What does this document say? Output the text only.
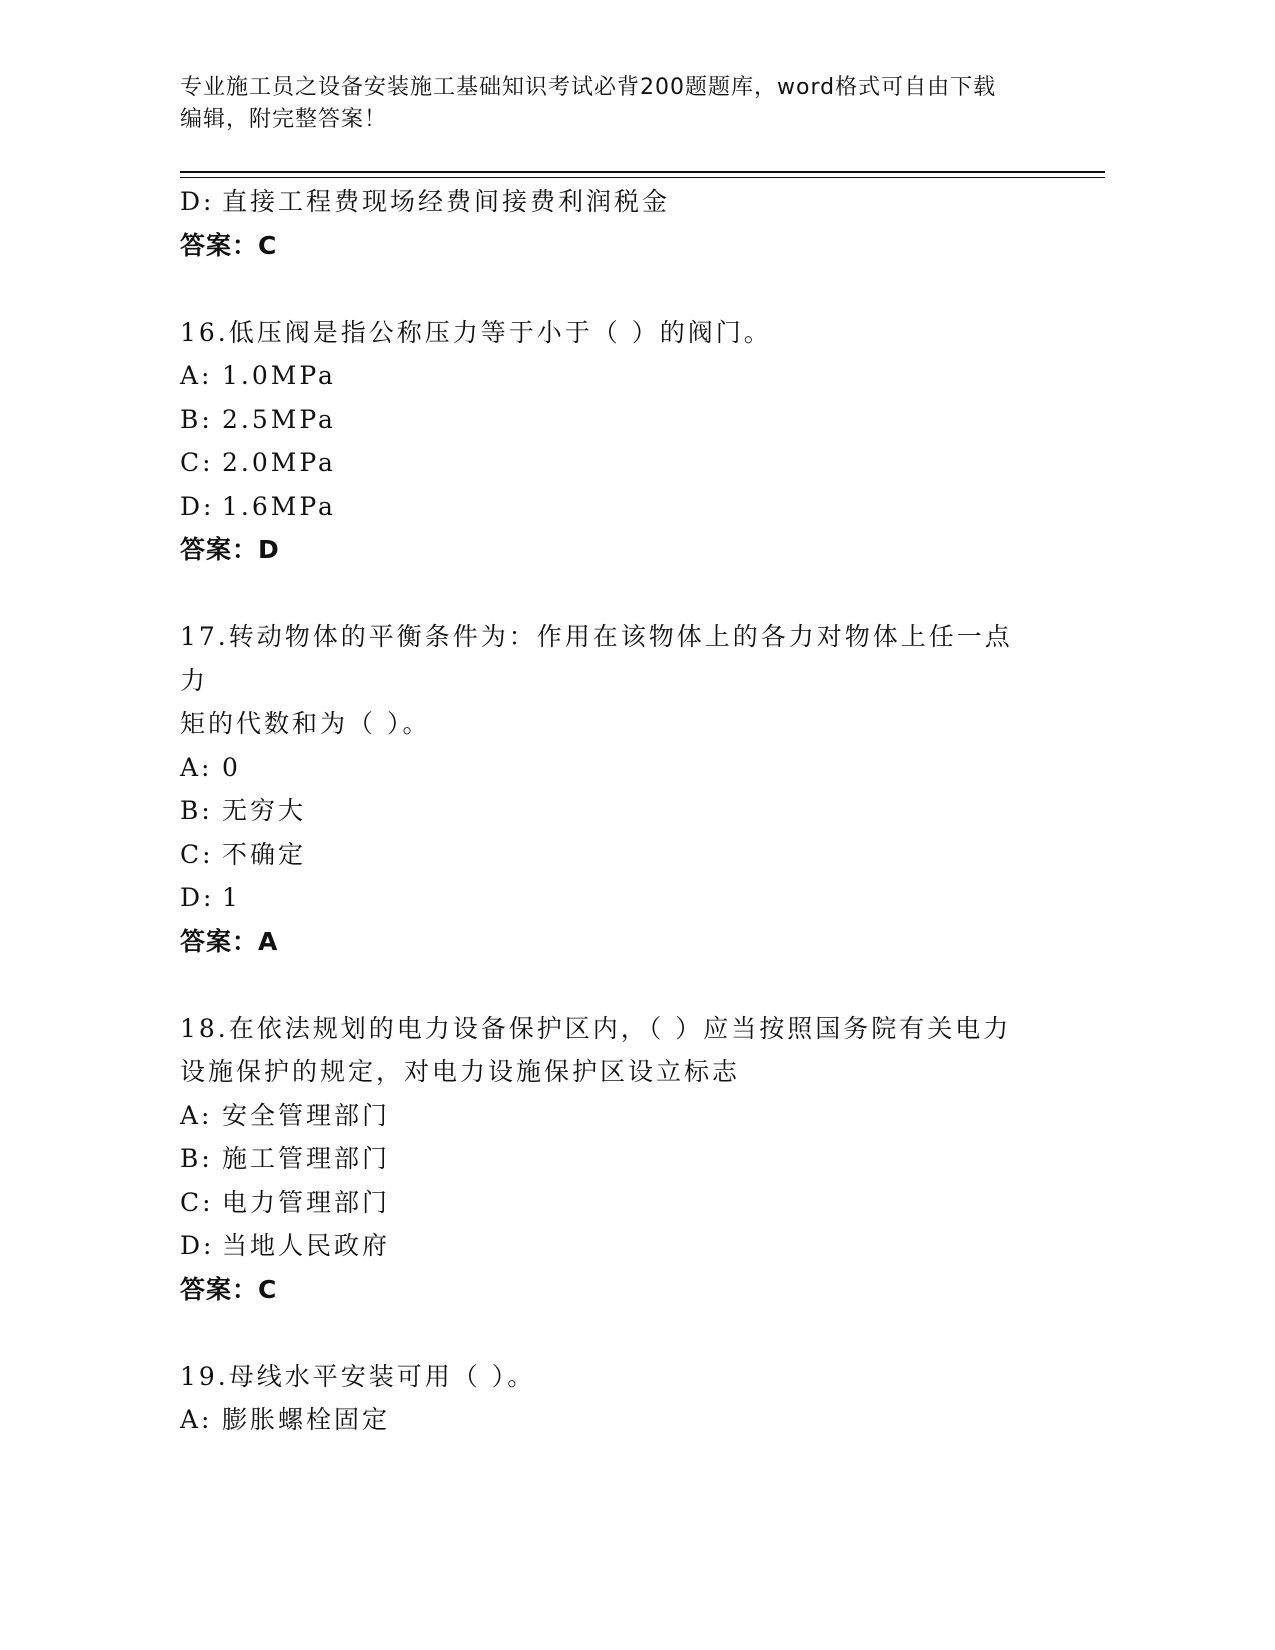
专业施工员之设备安装施工基础知识考试必背200题题库，word格式可自由下载
编辑，附完整答案！
D: 直接工程费现场经费间接费利润税金
答案：C
16.低压阀是指公称压力等于小于（ ）的阀门。
A: 1.0MPa
B: 2.5MPa
C: 2.0MPa
D: 1.6MPa
答案：D
17.转动物体的平衡条件为：作用在该物体上的各力对物体上任一点力
矩的代数和为（ ）。
A: 0
B: 无穷大
C: 不确定
D: 1
答案：A
18.在依法规划的电力设备保护区内，（ ）应当按照国务院有关电力
设施保护的规定，对电力设施保护区设立标志
A: 安全管理部门
B: 施工管理部门
C: 电力管理部门
D: 当地人民政府
答案：C
19.母线水平安装可用（ ）。
A: 膨胀螺栓固定
